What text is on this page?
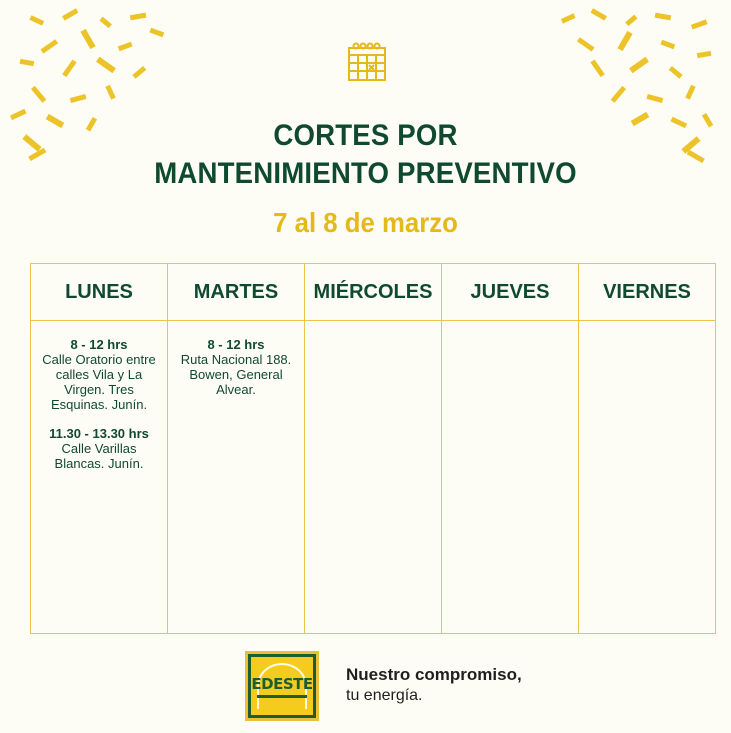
CORTES POR
MANTENIMIENTO PREVENTIVO
7 al 8 de marzo
LUNES
8 - 12 hrs
Calle Oratorio entre calles Vila y La Virgen. Tres Esquinas. Junín.
11.30 - 13.30 hrs
Calle Varillas Blancas. Junín.
MARTES
8 - 12 hrs
Ruta Nacional 188. Bowen, General Alvear.
MIÉRCOLES	JUEVES	VIERNES
EDESTE Nuestro compromiso,
tu energía.
